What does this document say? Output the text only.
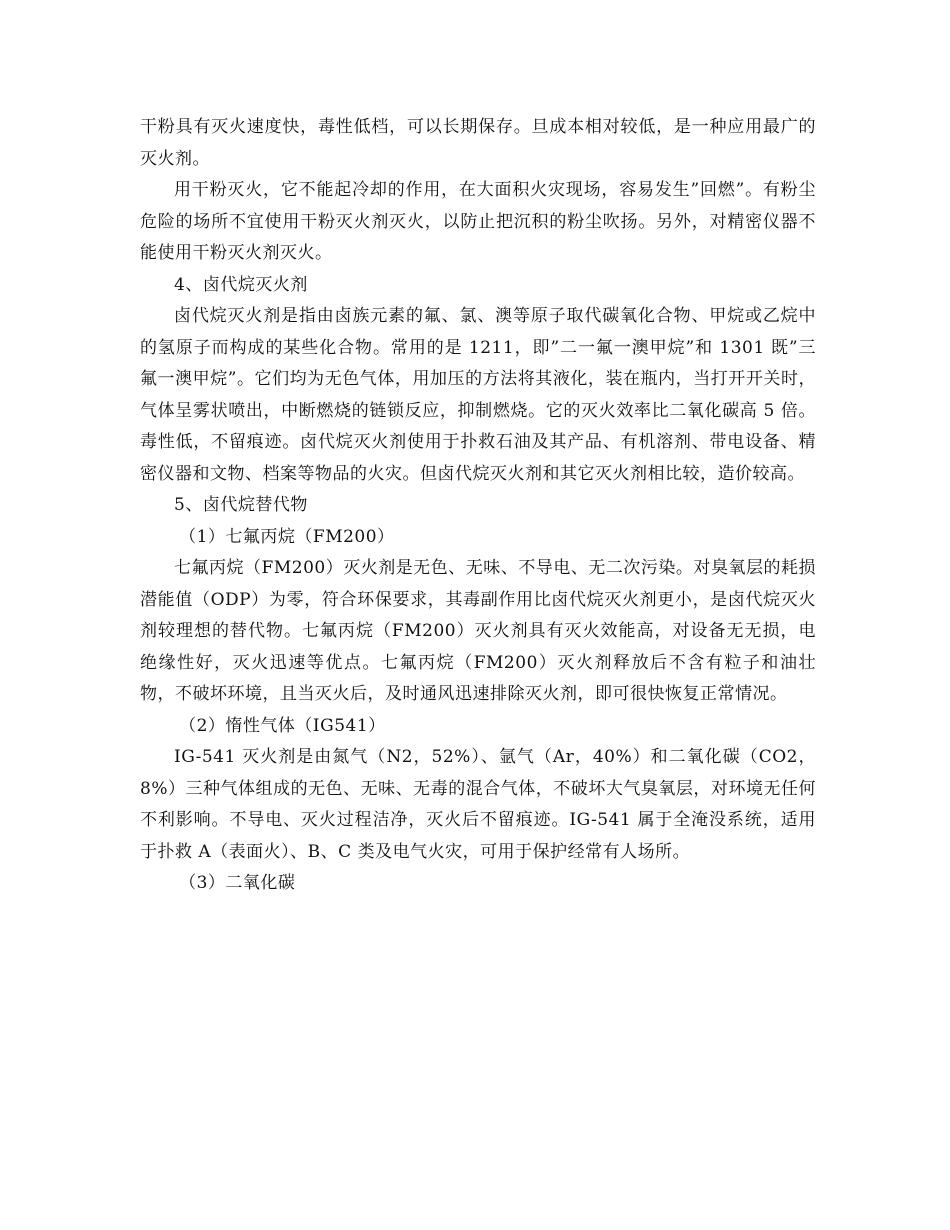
干粉具有灭火速度快，毒性低档，可以长期保存。旦成本相对较低，是一种应用最广的灭火剂。

用干粉灭火，它不能起冷却的作用，在大面积火灾现场，容易发生”回燃”。有粉尘危险的场所不宜使用干粉灭火剂灭火，以防止把沉积的粉尘吹扬。另外，对精密仪器不能使用干粉灭火剂灭火。

4、卤代烷灭火剂

卤代烷灭火剂是指由卤族元素的氟、氯、澳等原子取代碳氧化合物、甲烷或乙烷中的氢原子而构成的某些化合物。常用的是 1211，即”二一氟一澳甲烷”和 1301 既”三氟一澳甲烷”。它们均为无色气体，用加压的方法将其液化，装在瓶内，当打开开关时，气体呈雾状喷出，中断燃烧的链锁反应，抑制燃烧。它的灭火效率比二氧化碳高 5 倍。毒性低，不留痕迹。卤代烷灭火剂使用于扑救石油及其产品、有机溶剂、带电设备、精密仪器和文物、档案等物品的火灾。但卤代烷灭火剂和其它灭火剂相比较，造价较高。

5、卤代烷替代物

（1）七氟丙烷（FM200）

七氟丙烷（FM200）灭火剂是无色、无味、不导电、无二次污染。对臭氧层的耗损潜能值（ODP）为零，符合环保要求，其毒副作用比卤代烷灭火剂更小，是卤代烷灭火剂较理想的替代物。七氟丙烷（FM200）灭火剂具有灭火效能高，对设备无无损，电绝缘性好，灭火迅速等优点。七氟丙烷（FM200）灭火剂释放后不含有粒子和油壮物，不破坏环境，且当灭火后，及时通风迅速排除灭火剂，即可很快恢复正常情况。

（2）惰性气体（IG541）

IG-541 灭火剂是由氮气（N2，52%）、氩气（Ar，40%）和二氧化碳（CO2，8%）三种气体组成的无色、无味、无毒的混合气体，不破坏大气臭氧层，对环境无任何不利影响。不导电、灭火过程洁净，灭火后不留痕迹。IG-541 属于全淹没系统，适用于扑救 A（表面火）、B、C 类及电气火灾，可用于保护经常有人场所。

（3）二氧化碳
